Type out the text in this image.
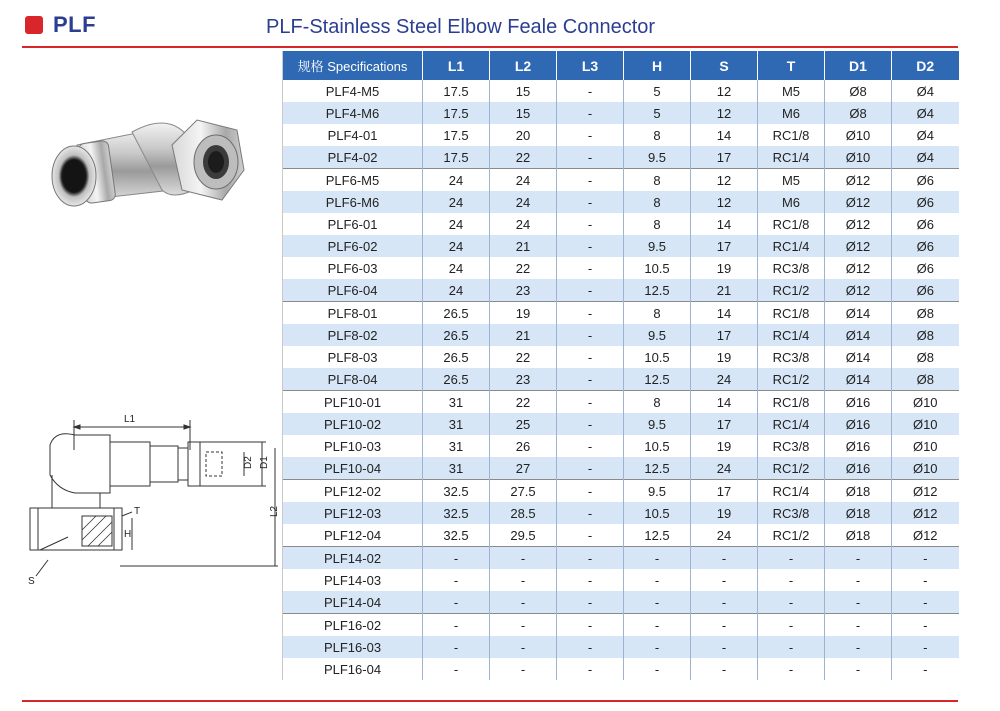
PLF	PLF-Stainless Steel Elbow Feale Connector
L1
D2 D1
L2
T
H
S
规格 Specifications	L1	L2	L3	H	S	T	D1	D2
PLF4-M5	17.5	15	-	5	12	M5	Ø8	Ø4
PLF4-M6	17.5	15	-	5	12	M6	Ø8	Ø4
PLF4-01	17.5	20	-	8	14	RC1/8	Ø10	Ø4
PLF4-02	17.5	22	-	9.5	17	RC1/4	Ø10	Ø4
PLF6-M5	24	24	-	8	12	M5	Ø12	Ø6
PLF6-M6	24	24	-	8	12	M6	Ø12	Ø6
PLF6-01	24	24	-	8	14	RC1/8	Ø12	Ø6
PLF6-02	24	21	-	9.5	17	RC1/4	Ø12	Ø6
PLF6-03	24	22	-	10.5	19	RC3/8	Ø12	Ø6
PLF6-04	24	23	-	12.5	21	RC1/2	Ø12	Ø6
PLF8-01	26.5	19	-	8	14	RC1/8	Ø14	Ø8
PLF8-02	26.5	21	-	9.5	17	RC1/4	Ø14	Ø8
PLF8-03	26.5	22	-	10.5	19	RC3/8	Ø14	Ø8
PLF8-04	26.5	23	-	12.5	24	RC1/2	Ø14	Ø8
PLF10-01	31	22	-	8	14	RC1/8	Ø16	Ø10
PLF10-02	31	25	-	9.5	17	RC1/4	Ø16	Ø10
PLF10-03	31	26	-	10.5	19	RC3/8	Ø16	Ø10
PLF10-04	31	27	-	12.5	24	RC1/2	Ø16	Ø10
PLF12-02	32.5	27.5	-	9.5	17	RC1/4	Ø18	Ø12
PLF12-03	32.5	28.5	-	10.5	19	RC3/8	Ø18	Ø12
PLF12-04	32.5	29.5	-	12.5	24	RC1/2	Ø18	Ø12
PLF14-02	-	-	-	-	-	-	-	-
PLF14-03	-	-	-	-	-	-	-	-
PLF14-04	-	-	-	-	-	-	-	-
PLF16-02	-	-	-	-	-	-	-	-
PLF16-03	-	-	-	-	-	-	-	-
PLF16-04	-	-	-	-	-	-	-	-
